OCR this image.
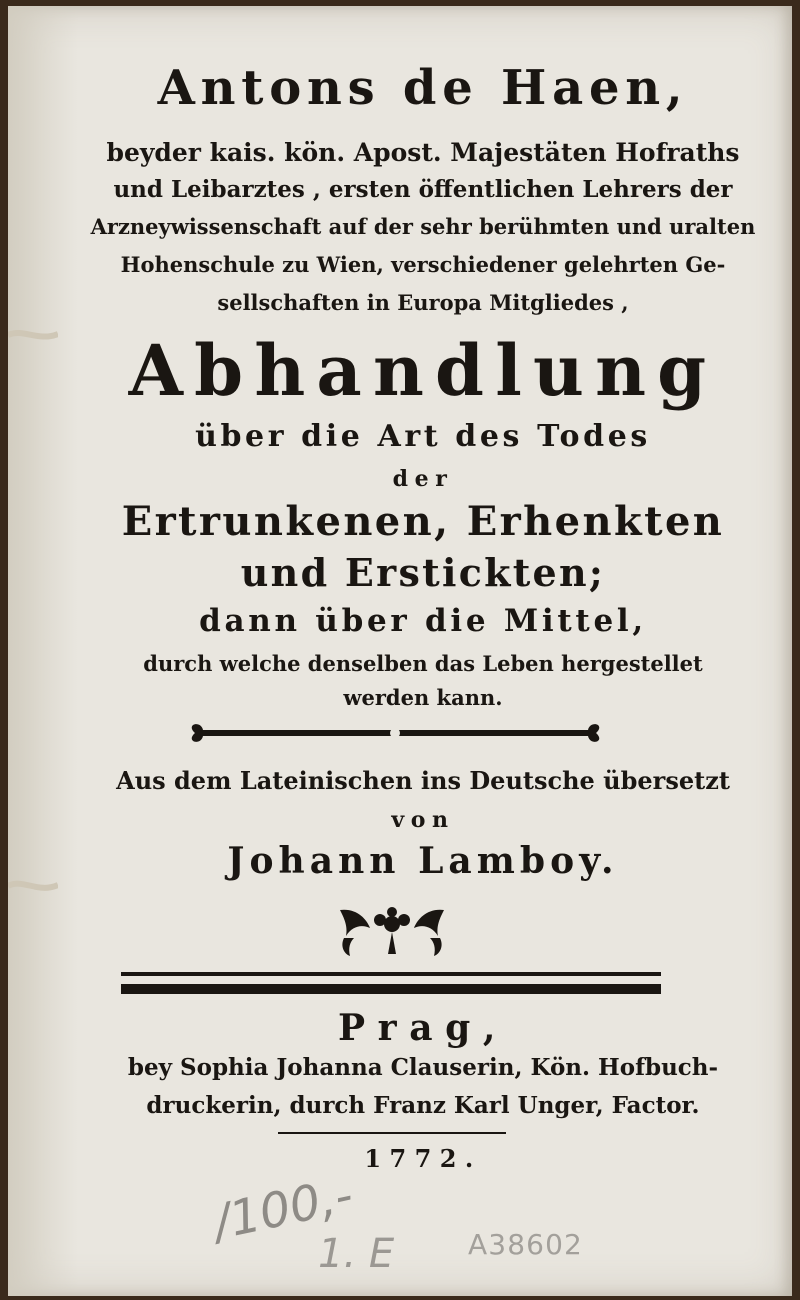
Antons de Haen,
beyder kais. kön. Apost. Majestäten Hofraths
und Leibarztes , ersten öffentlichen Lehrers der
Arzneywissenschaft auf der sehr berühmten und uralten
Hohenschule zu Wien, verschiedener gelehrten Ge-
sellschaften in Europa Mitgliedes ,
Abhandlung
über die Art des Todes
der
Ertrunkenen, Erhenkten
und Erstickten;
dann über die Mittel,
durch welche denselben das Leben hergestellet
werden kann.
Aus dem Lateinischen ins Deutsche übersetzt
von
Johann Lamboy.
Prag,
bey Sophia Johanna Clauserin, Kön. Hofbuch-
druckerin, durch Franz Karl Unger, Factor.
1772.
/100,-
1. E	A38602
